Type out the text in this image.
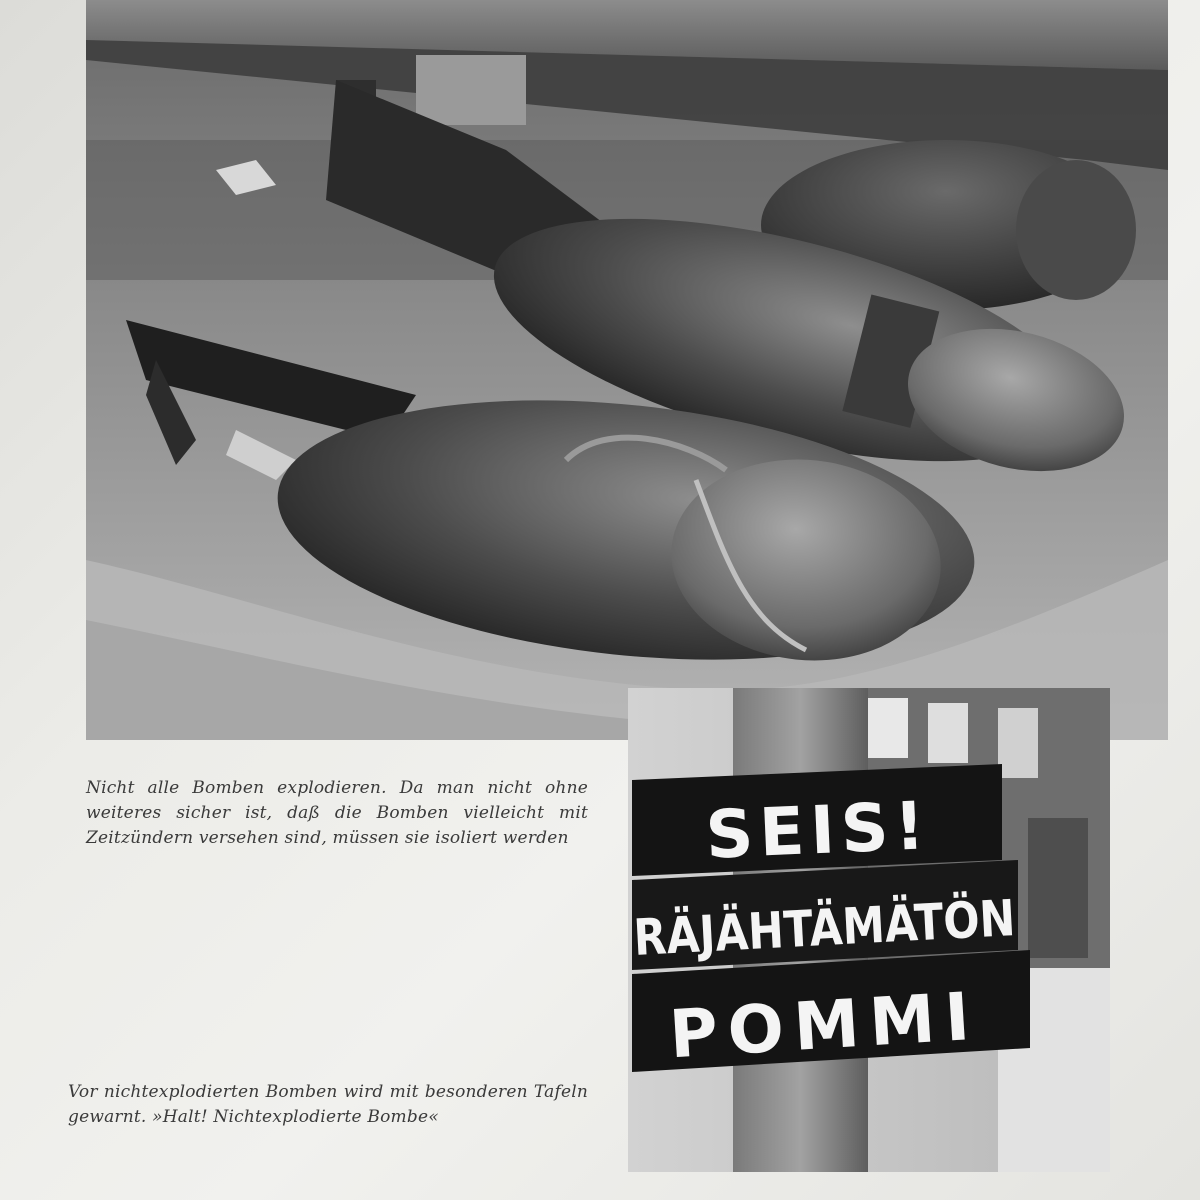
SEIS!
RÄJÄHTÄMÄTÖN
POMMI

Nicht alle Bomben explodieren. Da man nicht ohne weiteres sicher ist, daß die Bomben vielleicht mit Zeitzündern versehen sind, müssen sie isoliert werden

Vor nichtexplodierten Bomben wird mit besonderen Tafeln gewarnt. »Halt! Nichtexplodierte Bombe«
